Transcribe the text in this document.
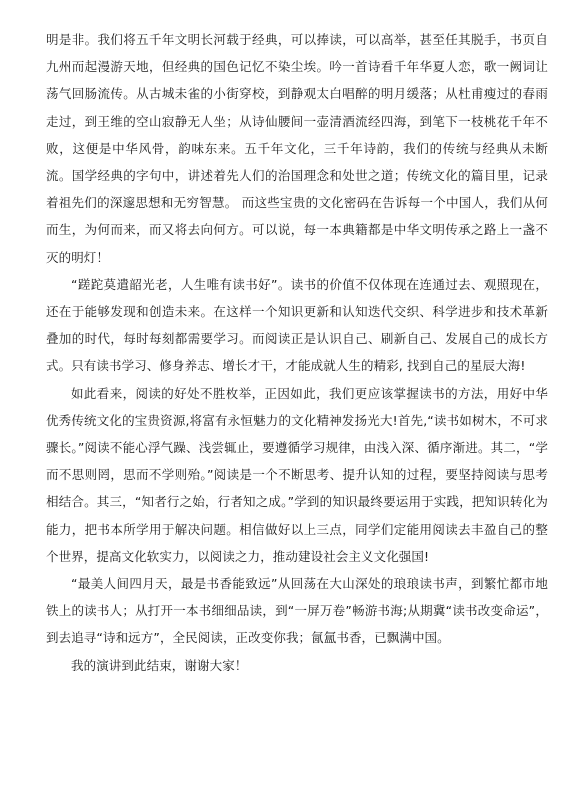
明是非。我们将五千年文明长河载于经典，可以捧读，可以高举，甚至任其脱手，书页自九州而起漫游天地，但经典的国色记忆不染尘埃。吟一首诗看千年华夏人恋，歌一阙词让荡气回肠流传。从古城未雀的小街穿校，到静观太白唱醉的明月缓落；从杜甫瘦过的春雨走过，到王维的空山寂静无人坐；从诗仙腰间一壶清酒流经四海，到笔下一枝桃花千年不败，这便是中华风骨，韵味东来。五千年文化，三千年诗韵，我们的传统与经典从未断流。国学经典的字句中，讲述着先人们的治国理念和处世之道；传统文化的篇目里，记录着祖先们的深邃思想和无穷智慧。 而这些宝贵的文化密码在告诉每一个中国人，我们从何而生，为何而来，而又将去向何方。可以说，每一本典籍都是中华文明传承之路上一盏不灭的明灯！

“蹉跎莫遣韶光老，人生唯有读书好”。读书的价值不仅体现在连通过去、观照现在，还在于能够发现和创造未来。在这样一个知识更新和认知迭代交织、科学进步和技术革新叠加的时代，每时每刻都需要学习。而阅读正是认识自己、刷新自己、发展自己的成长方式。只有读书学习、修身养志、增长才干，才能成就人生的精彩, 找到自己的星辰大海!

如此看来，阅读的好处不胜枚举，正因如此，我们更应该掌握读书的方法，用好中华优秀传统文化的宝贵资源,将富有永恒魅力的文化精神发扬光大!首先,“读书如树木，不可求骤长。”阅读不能心浮气躁、浅尝辄止，要遵循学习规律，由浅入深、循序渐进。其二，“学而不思则罔，思而不学则殆。”阅读是一个不断思考、提升认知的过程，要坚持阅读与思考相结合。其三，“知者行之始，行者知之成。”学到的知识最终要运用于实践，把知识转化为能力，把书本所学用于解决问题。相信做好以上三点，同学们定能用阅读去丰盈自己的整个世界，提高文化软实力，以阅读之力，推动建设社会主义文化强国!

“最美人间四月天，最是书香能致远”从回荡在大山深处的琅琅读书声，到繁忙都市地铁上的读书人；从打开一本书细细品读，到“一屏万卷”畅游书海;从期冀“读书改变命运”，到去追寻“诗和远方”，全民阅读，正改变你我；氤氲书香，已飘满中国。

我的演讲到此结束，谢谢大家！
